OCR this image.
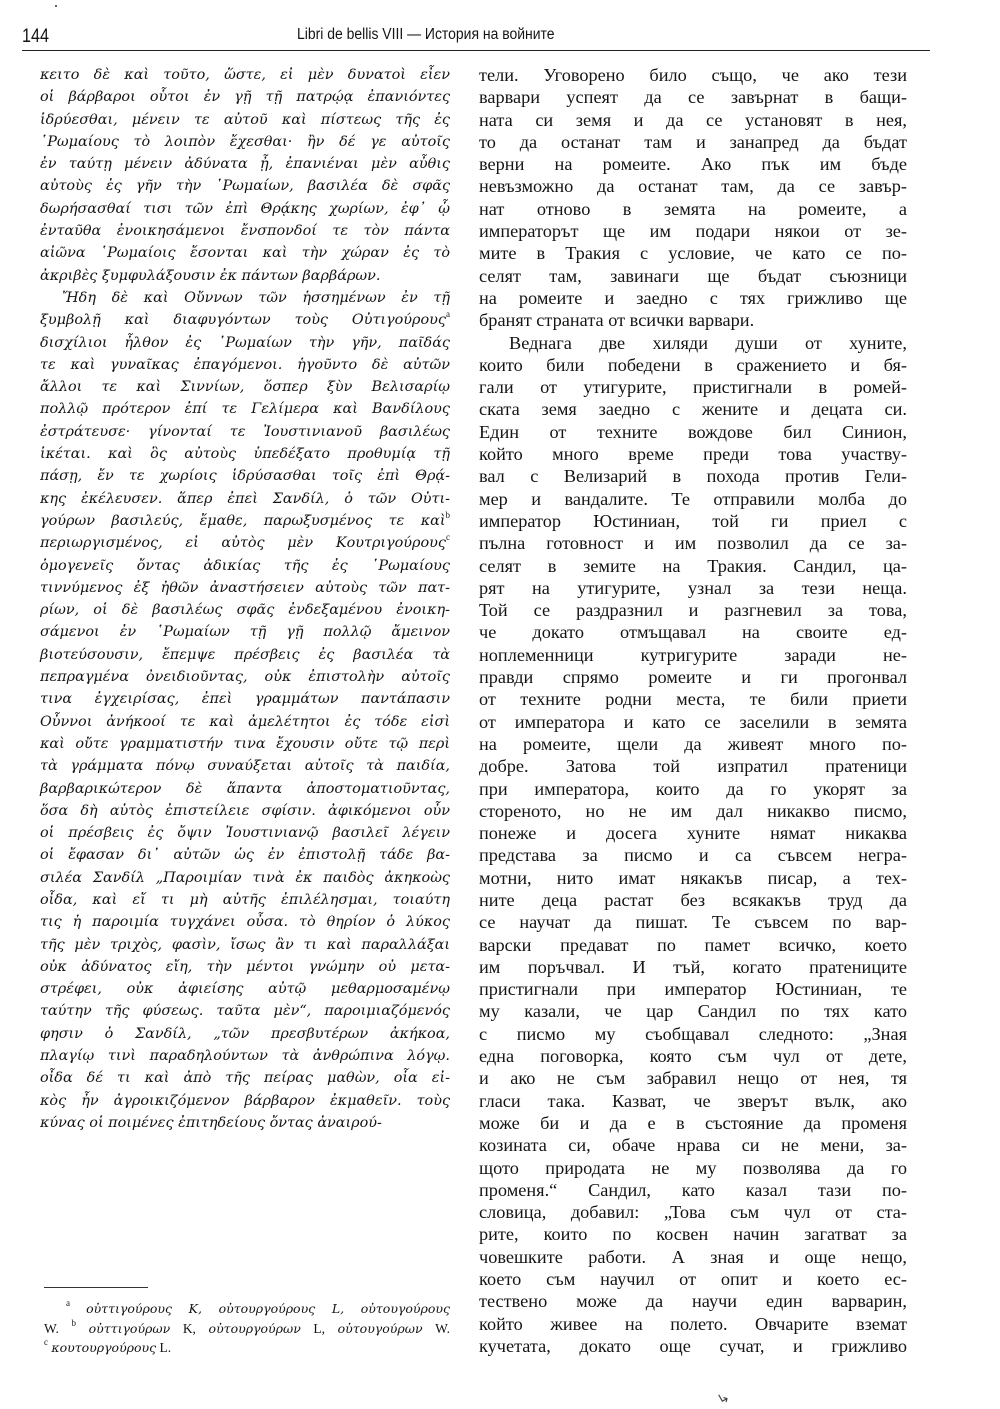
144	Libri de bellis VIII — История на войните
κειτο δὲ καὶ τοῦτο, ὥστε, εἰ μὲν δυνατοὶ εἶεν
οἱ βάρβαροι οὗτοι ἐν γῇ τῇ πατρῴᾳ ἐπανιόντες
ἱδρύεσθαι, μένειν τε αὐτοῦ καὶ πίστεως τῆς ἐς
῾Ρωμαίους τὸ λοιπὸν ἔχεσθαι· ἢν δέ γε αὐτοῖς
ἐν ταύτῃ μένειν ἀδύνατα ᾖ, ἐπανιέναι μὲν αὖθις
αὐτοὺς ἐς γῆν τὴν ῾Ρωμαίων, βασιλέα δὲ σφᾶς
δωρήσασθαί τισι τῶν ἐπὶ Θρᾴκης χωρίων, ἐφ᾽ ᾧ
ἐνταῦθα ἐνοικησάμενοι ἔνσπονδοί τε τὸν πάντα
αἰῶνα ῾Ρωμαίοις ἔσονται καὶ τὴν χώραν ἐς τὸ
ἀκριβὲς ξυμφυλάξουσιν ἐκ πάντων βαρβάρων.
Ἤδη δὲ καὶ Οὔννων τῶν ἡσσημένων ἐν τῇ
ξυμβολῇ καὶ διαφυγόντων τοὺς Οὐτιγούρους$^a$
δισχίλιοι ἦλθον ἐς ῾Ρωμαίων τὴν γῆν, παῖδάς
τε καὶ γυναῖκας ἐπαγόμενοι. ἡγοῦντο δὲ αὐτῶν
ἄλλοι τε καὶ Σιννίων, ὅσπερ ξὺν Βελισαρίῳ
πολλῷ πρότερον ἐπί τε Γελίμερα καὶ Βανδίλους
ἐστράτευσε· γίνονταί τε Ἰουστινιανοῦ βασιλέως
ἱκέται. καὶ ὃς αὐτοὺς ὑπεδέξατο προθυμίᾳ τῇ
πάσῃ, ἔν τε χωρίοις ἱδρύσασθαι τοῖς ἐπὶ Θρᾴ-
κης ἐκέλευσεν. ἅπερ ἐπεὶ Σανδίλ, ὁ τῶν Οὐτι-
γούρων βασιλεύς, ἔμαθε, παρωξυσμένος τε καὶ$^b$
περιωργισμένος, εἰ αὐτὸς μὲν Κουτριγούρους$^c$
ὁμογενεῖς ὄντας ἀδικίας τῆς ἐς ῾Ρωμαίους
τιννύμενος ἐξ ἠθῶν ἀναστήσειεν αὐτοὺς τῶν πατ-
ρίων, οἱ δὲ βασιλέως σφᾶς ἐνδεξαμένου ἐνοικη-
σάμενοι ἐν ῾Ρωμαίων τῇ γῇ πολλῷ ἄμεινον
βιοτεύσουσιν, ἔπεμψε πρέσβεις ἐς βασιλέα τὰ
πεπραγμένα ὀνειδιοῦντας, οὐκ ἐπιστολὴν αὐτοῖς
τινα ἐγχειρίσας, ἐπεὶ γραμμάτων παντάπασιν
Οὖννοι ἀνήκοοί τε καὶ ἀμελέτητοι ἐς τόδε εἰσὶ
καὶ οὔτε γραμματιστήν τινα ἔχουσιν οὔτε τῷ περὶ
τὰ γράμματα πόνῳ συναύξεται αὐτοῖς τὰ παιδία,
βαρβαρικώτερον δὲ ἅπαντα ἀποστοματιοῦντας,
ὅσα δὴ αὐτὸς ἐπιστείλειε σφίσιν. ἀφικόμενοι οὖν
οἱ πρέσβεις ἐς ὄψιν Ἰουστινιανῷ βασιλεῖ λέγειν
οἱ ἔφασαν δι᾽ αὐτῶν ὡς ἐν ἐπιστολῇ τάδε βα-
σιλέα Σανδίλ „Παροιμίαν τινὰ ἐκ παιδὸς ἀκηκοὼς
οἶδα, καὶ εἴ τι μὴ αὐτῆς ἐπιλέλησμαι, τοιαύτη
τις ἡ παροιμία τυγχάνει οὖσα. τὸ θηρίον ὁ λύκος
τῆς μὲν τριχὸς, φασὶν, ἴσως ἂν τι καὶ παραλλάξαι
οὐκ ἀδύνατος εἴη, τὴν μέντοι γνώμην οὐ μετα-
στρέφει, οὐκ ἀφιείσης αὐτῷ μεθαρμοσαμένῳ
ταύτην τῆς φύσεως. ταῦτα μὲν“, παροιμιαζόμενός
φησιν ὁ Σανδίλ, „τῶν πρεσβυτέρων ἀκήκοα,
πλαγίῳ τινὶ παραδηλούντων τὰ ἀνθρώπινα λόγῳ.
οἶδα δέ τι καὶ ἀπὸ τῆς πείρας μαθὼν, οἷα εἰ-
κὸς ἦν ἀγροικιζόμενον βάρβαρον ἐκμαθεῖν. τοὺς
κύνας οἱ ποιμένες ἐπιτηδείους ὄντας ἀναιρού-
тели. Уговорено било също, че ако тези
варвари успеят да се завърнат в бащи-
ната си земя и да се установят в нея,
то да останат там и занапред да бъдат
верни на ромеите. Ако пък им бъде
невъзможно да останат там, да се завър-
нат отново в земята на ромеите, а
императорът ще им подари някои от зе-
мите в Тракия с условие, че като се по-
селят там, завинаги ще бъдат съюзници
на ромеите и заедно с тях грижливо ще
бранят страната от всички варвари.
Веднага две хиляди души от хуните,
които били победени в сражението и бя-
гали от утигурите, пристигнали в ромей-
ската земя заедно с жените и децата си.
Един от техните вождове бил Синион,
който много време преди това участву-
вал с Велизарий в похода против Гели-
мер и вандалите. Те отправили молба до
император Юстиниан, той ги приел с
пълна готовност и им позволил да се за-
селят в земите на Тракия. Сандил, ца-
рят на утигурите, узнал за тези неща.
Той се раздразнил и разгневил за това,
че докато отмъщавал на своите ед-
ноплеменници кутригурите заради не-
правди спрямо ромеите и ги прогонвал
от техните родни места, те били приети
от императора и като се заселили в земята
на ромеите, щели да живеят много по-
добре. Затова той изпратил пратеници
при императора, които да го укорят за
стореното, но не им дал никакво писмо,
понеже и досега хуните нямат никаква
представа за писмо и са съвсем негра-
мотни, нито имат някакъв писар, а тех-
ните деца растат без всякакъв труд да
се научат да пишат. Те съвсем по вар-
варски предават по памет всичко, което
им поръчвал. И тъй, когато пратениците
пристигнали при император Юстиниан, те
му казали, че цар Сандил по тях като
с писмо му съобщавал следното: „Зная
една поговорка, която съм чул от дете,
и ако не съм забравил нещо от нея, тя
гласи така. Казват, че зверът вълк, ако
може би и да е в състояние да променя
козината си, обаче нрава си не мени, за-
щото природата не му позволява да го
променя.“ Сандил, като казал тази по-
словица, добавил: „Това съм чул от ста-
рите, които по косвен начин загатват за
човешките работи. А зная и още нещо,
което съм научил от опит и което ес-
тествено може да научи един варварин,
който живее на полето. Овчарите вземат
кучетата, докато още сучат, и грижливо
$^a$ οὐττιγούρους K, οὐτουργούρους L, οὐτουγούρους
W. $^b$ οὐττιγούρων K, οὐτουργούρων L, οὐτουγούρων W.
$^c$ κουτουργούρους L.
↳
